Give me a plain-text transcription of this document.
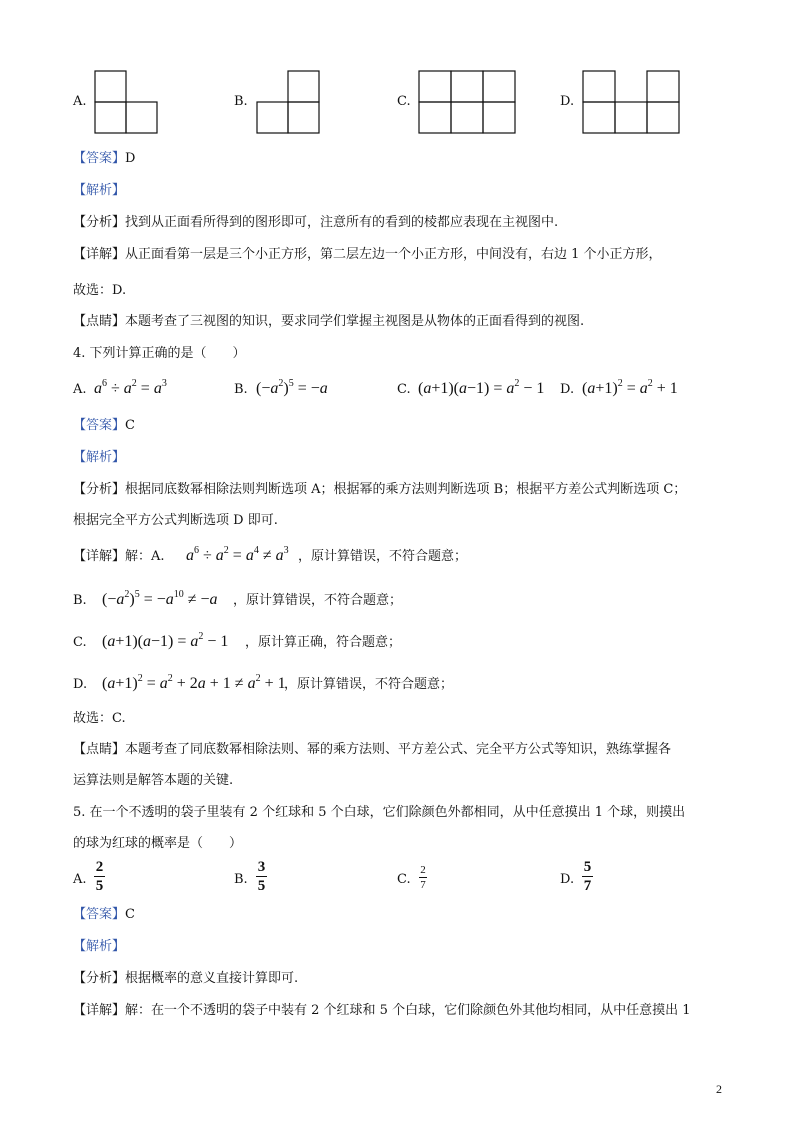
A.	B.	C.	D.
【答案】D
【解析】
【分析】找到从正面看所得到的图形即可，注意所有的看到的棱都应表现在主视图中.
【详解】从正面看第一层是三个小正方形，第二层左边一个小正方形，中间没有，右边 1 个小正方形，
故选：D.
【点睛】本题考查了三视图的知识，要求同学们掌握主视图是从物体的正面看得到的视图.
4. 下列计算正确的是（　　）
A. $a^6 \div a^2 = a^3$	B. $(-a^2)^5 = -a$	C. $(a+1)(a-1) = a^2 - 1$ D. $(a+1)^2 = a^2 + 1$
【答案】C
【解析】
【分析】根据同底数幂相除法则判断选项 A；根据幂的乘方法则判断选项 B；根据平方差公式判断选项 C；
根据完全平方公式判断选项 D 即可.
【详解】解：A. $a^6 \div a^2 = a^4 \ne a^3$ ，原计算错误，不符合题意；
B. $(-a^2)^5 = -a^{10} \ne -a$ ，原计算错误，不符合题意；
C. $(a+1)(a-1) = a^2 - 1$ ，原计算正确，符合题意；
D. $(a+1)^2 = a^2 + 2a + 1 \ne a^2 + 1$
，原计算错误，不符合题意；
故选：C.
【点睛】本题考查了同底数幂相除法则、幂的乘方法则、平方差公式、完全平方公式等知识，熟练掌握各
运算法则是解答本题的关键.
5. 在一个不透明的袋子里装有 2 个红球和 5 个白球，它们除颜色外都相同，从中任意摸出 1 个球，则摸出
的球为红球的概率是（　　）
A.
2
5	B.
3
5	C.
2
7	D.
5
7
【答案】C
【解析】
【分析】根据概率的意义直接计算即可.
【详解】解：在一个不透明的袋子中装有 2 个红球和 5 个白球，它们除颜色外其他均相同，从中任意摸出 1
2
